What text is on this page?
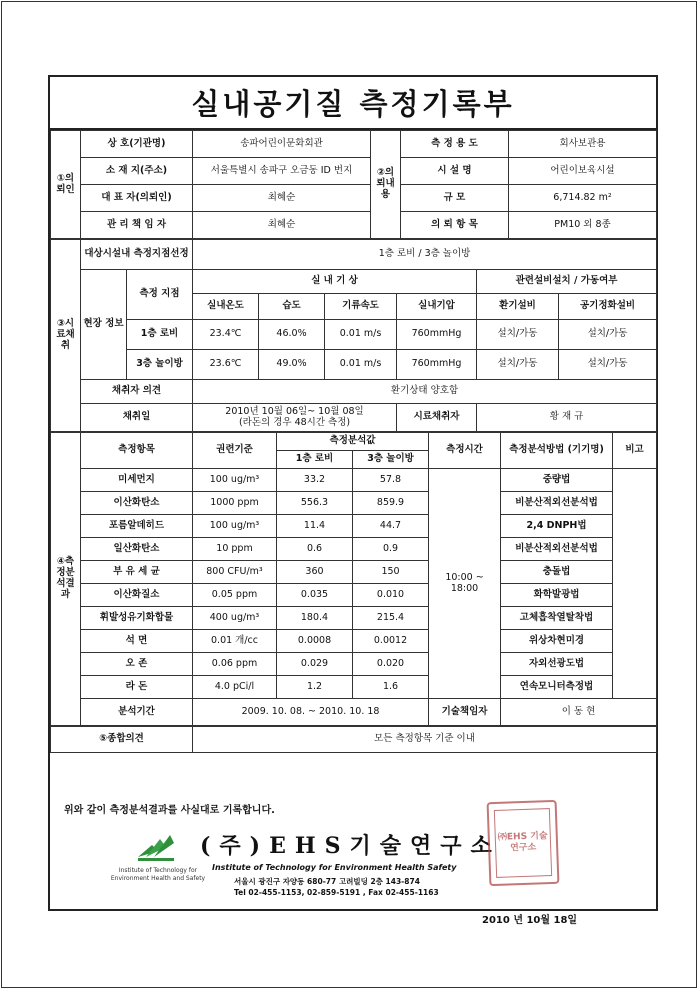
실내공기질 측정기록부
①의뢰인	상 호(기관명)	송파어린이문화회관	②의뢰내용	측 정 용 도	회사보관용
	소 재 지(주소)	서울특별시 송파구 오금동 ID 번지		시 설 명	어린이보육시설
	대 표 자(의뢰인)	최혜순		규 모	6,714.82 m²
	관 리 책 임 자	최혜순		의 뢰 항 목	PM10 외 8종
③시료채취	대상시설내 측정지점선정		1층 로비 / 3층 놀이방					
	현장 정보	측정 지점	실 내 기 상				관련설비설치 / 가동여부	
			실내온도	습도	기류속도	실내기압	환기설비	공기정화설비
		1층 로비	23.4℃	46.0%	0.01 m/s	760mmHg	설치/가동	설치/가동
		3층 놀이방	23.6℃	49.0%	0.01 m/s	760mmHg	설치/가동	설치/가동
	채취자 의견		환기상태 양호함					
	채취일		2010년 10월 06일~ 10월 08일
(라돈의 경우 48시간 측정)			시료채취자	황 재 규	
④측정분석결과	측정항목	권련기준	측정분석값		측정시간	측정분석방법 (기기명)	비고
			1층 로비	3층 놀이방			
	미세먼지	100 ug/m³	33.2	57.8	10:00 ~ 18:00	중량법	
	이산화탄소	1000 ppm	556.3	859.9		비분산적외선분석법	
	포름알데히드	100 ug/m³	11.4	44.7		2,4 DNPH법	
	일산화탄소	10 ppm	0.6	0.9		비분산적외선분석법	
	부 유 세 균	800 CFU/m³	360	150		충돌법	
	이산화질소	0.05 ppm	0.035	0.010		화학발광법	
	휘발성유기화합물	400 ug/m³	180.4	215.4		고체흡착열탈착법	
	석 면	0.01 개/cc	0.0008	0.0012		위상차현미경	
	오 존	0.06 ppm	0.029	0.020		자외선광도법	
	라 돈	4.0 pCi/l	1.2	1.6		연속모니터측정법	
	분석기간	2009. 10. 08. ~ 2010. 10. 18			기술책임자	이 동 현	
⑤종합의견	모든 측정항목 기준 이내
위와 같이 측정분석결과를 사실대로 기록합니다.
Institute of Technology for
Environment Health and Safety
(주)EHS기술연구소
Institute of Technology for Environment Health Safety
서울시 광진구 자양동 680-77 고려빌딩 2층 143-874
Tel 02-455-1153, 02-859-5191 , Fax 02-455-1163
㈜EHS 기술연구소
2010 년 10월 18일
